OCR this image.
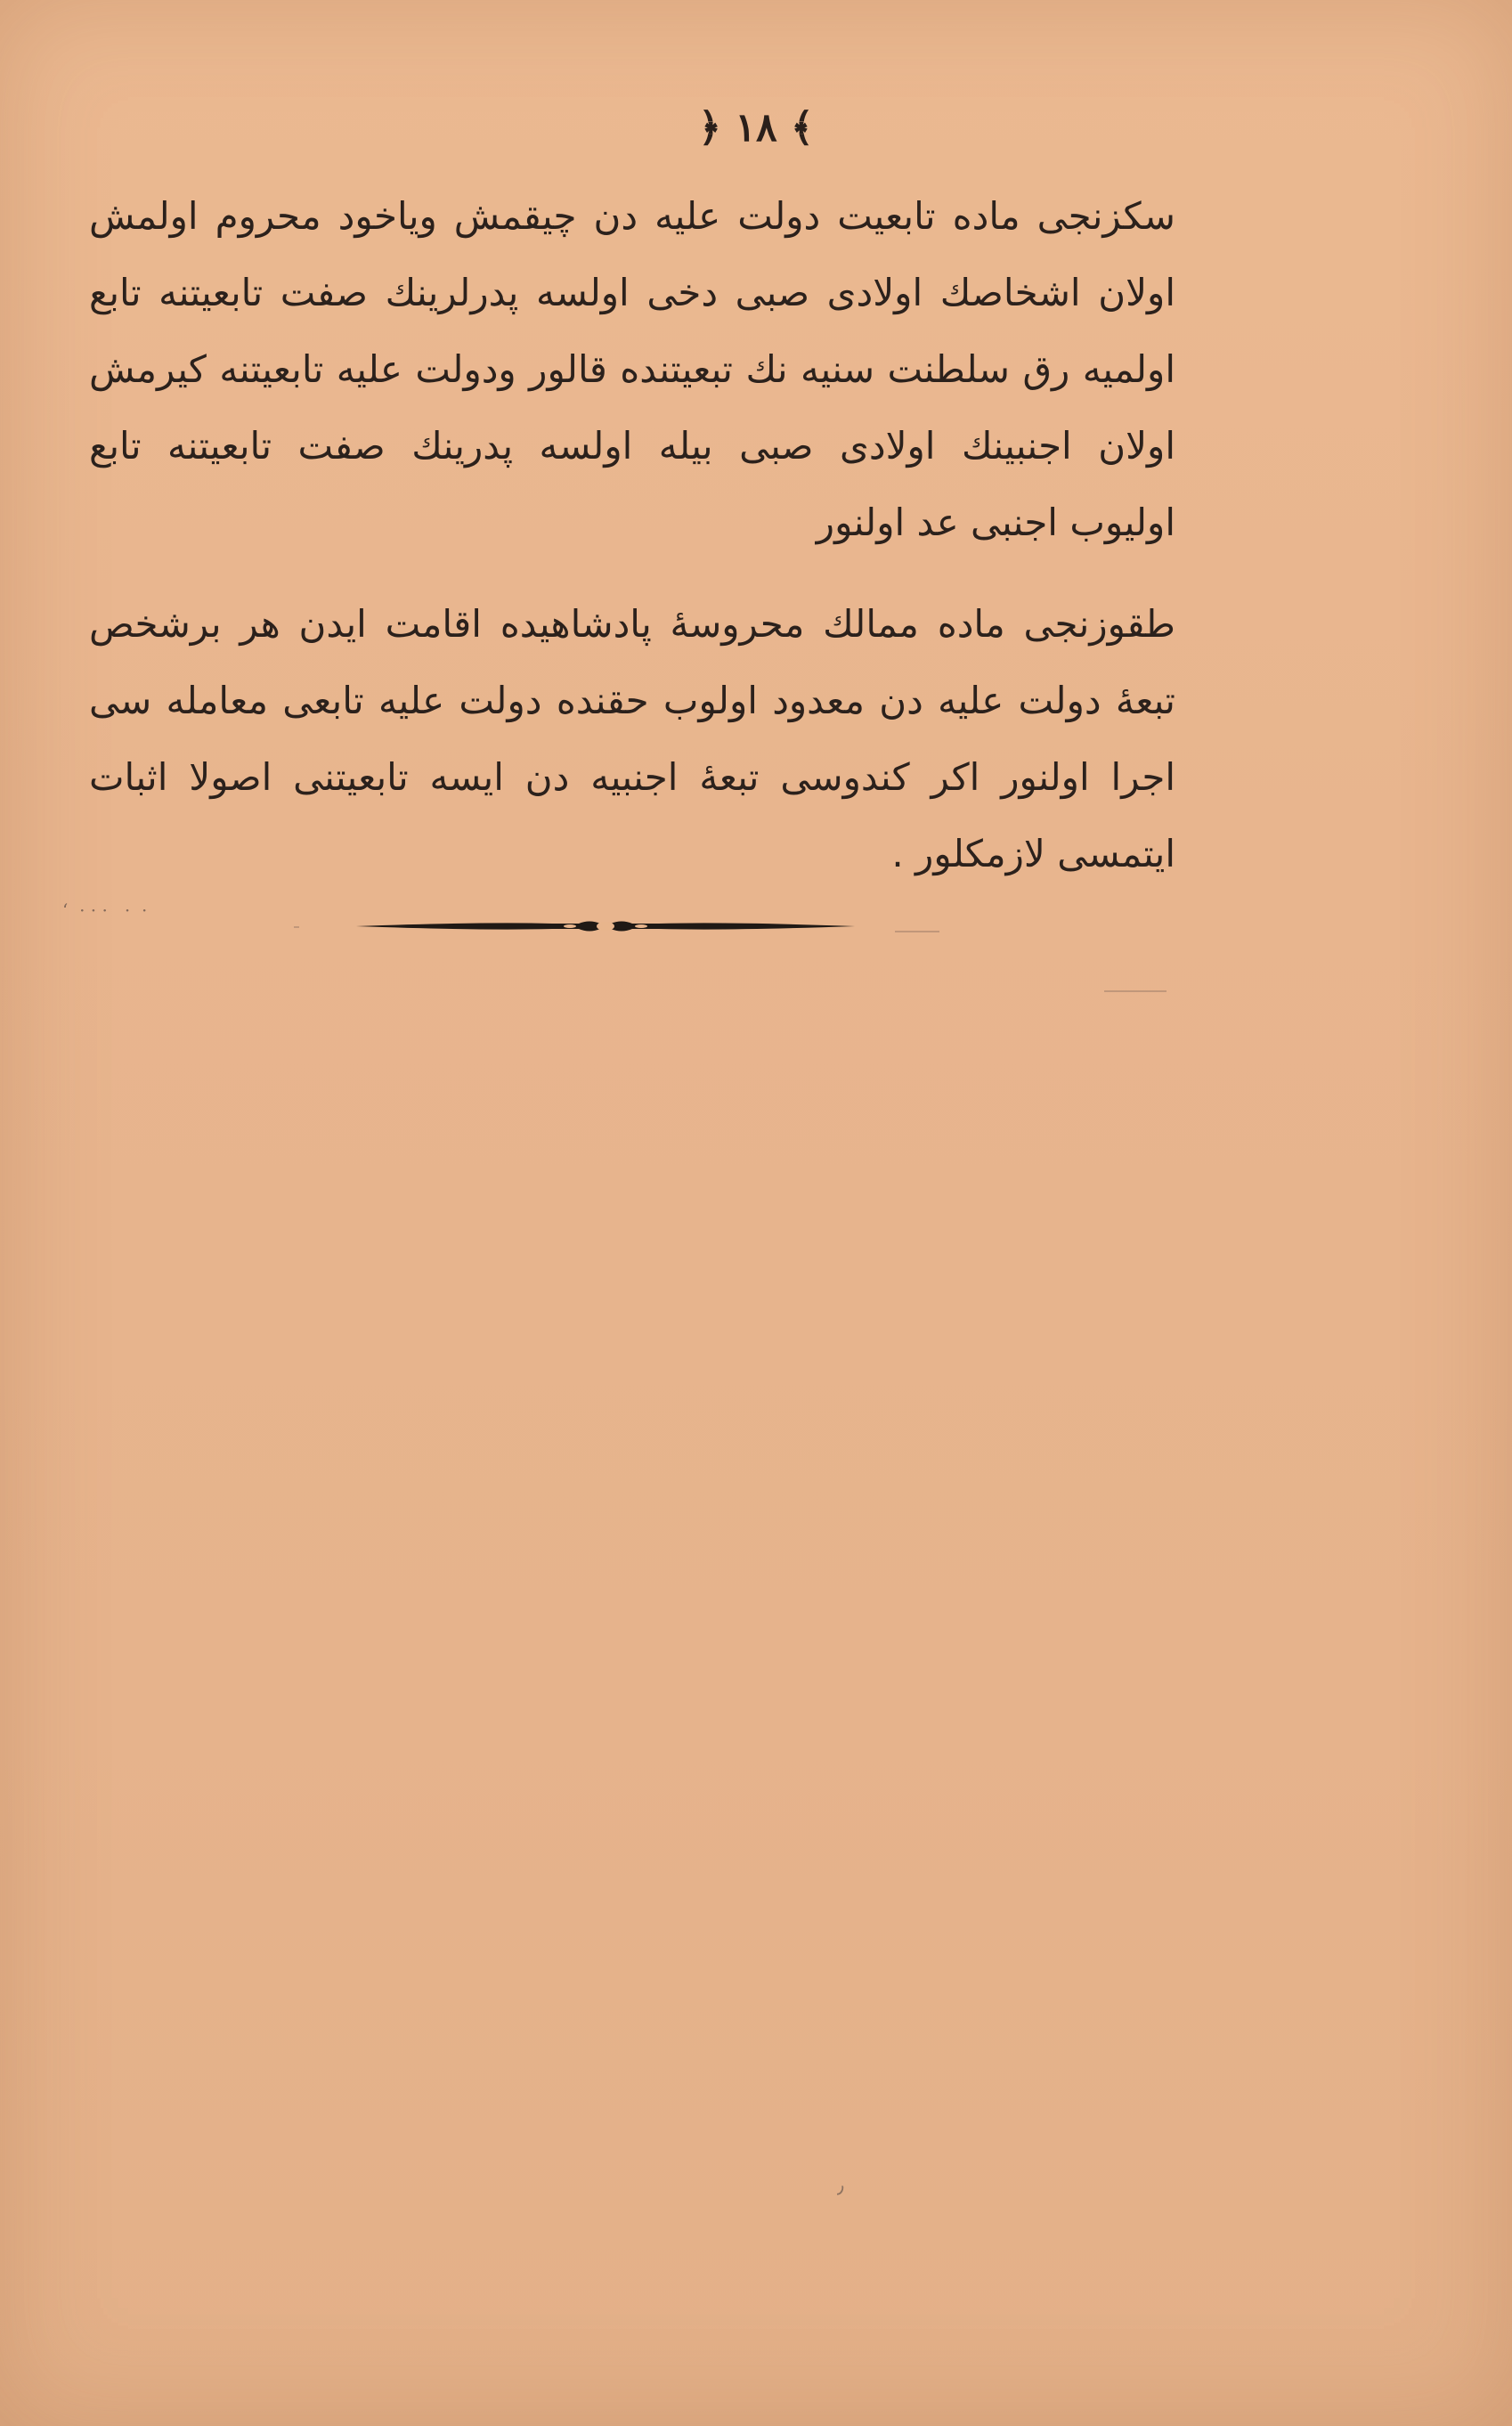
﴿ ١٨ ﴾
سکزنجی ماده تابعیت دولت علیه دن چیقمش ویاخود محروم اولمش
اولان اشخاصك اولادی صبی دخی اولسه پدرلرینك صفت تابعیتنه تابع
اولمیه رق سلطنت سنیه نك تبعیتنده قالور ودولت علیه تابعیتنه کیرمش
اولان اجنبینك اولادی صبی بیله اولسه پدرینك صفت تابعیتنه تابع
اولیوب اجنبی عد اولنور
طقوزنجی ماده ممالك محروسهٔ پادشاهیده اقامت ایدن هر برشخص
تبعهٔ دولت علیه دن معدود اولوب حقنده دولت علیه تابعی معامله سی
اجرا اولنور اکر کندوسی تبعهٔ اجنبیه دن ایسه تابعیتنی اصولا اثبات
ایتمسی لازمکلور .
ʻ  · · ·   ·  ·
٫
